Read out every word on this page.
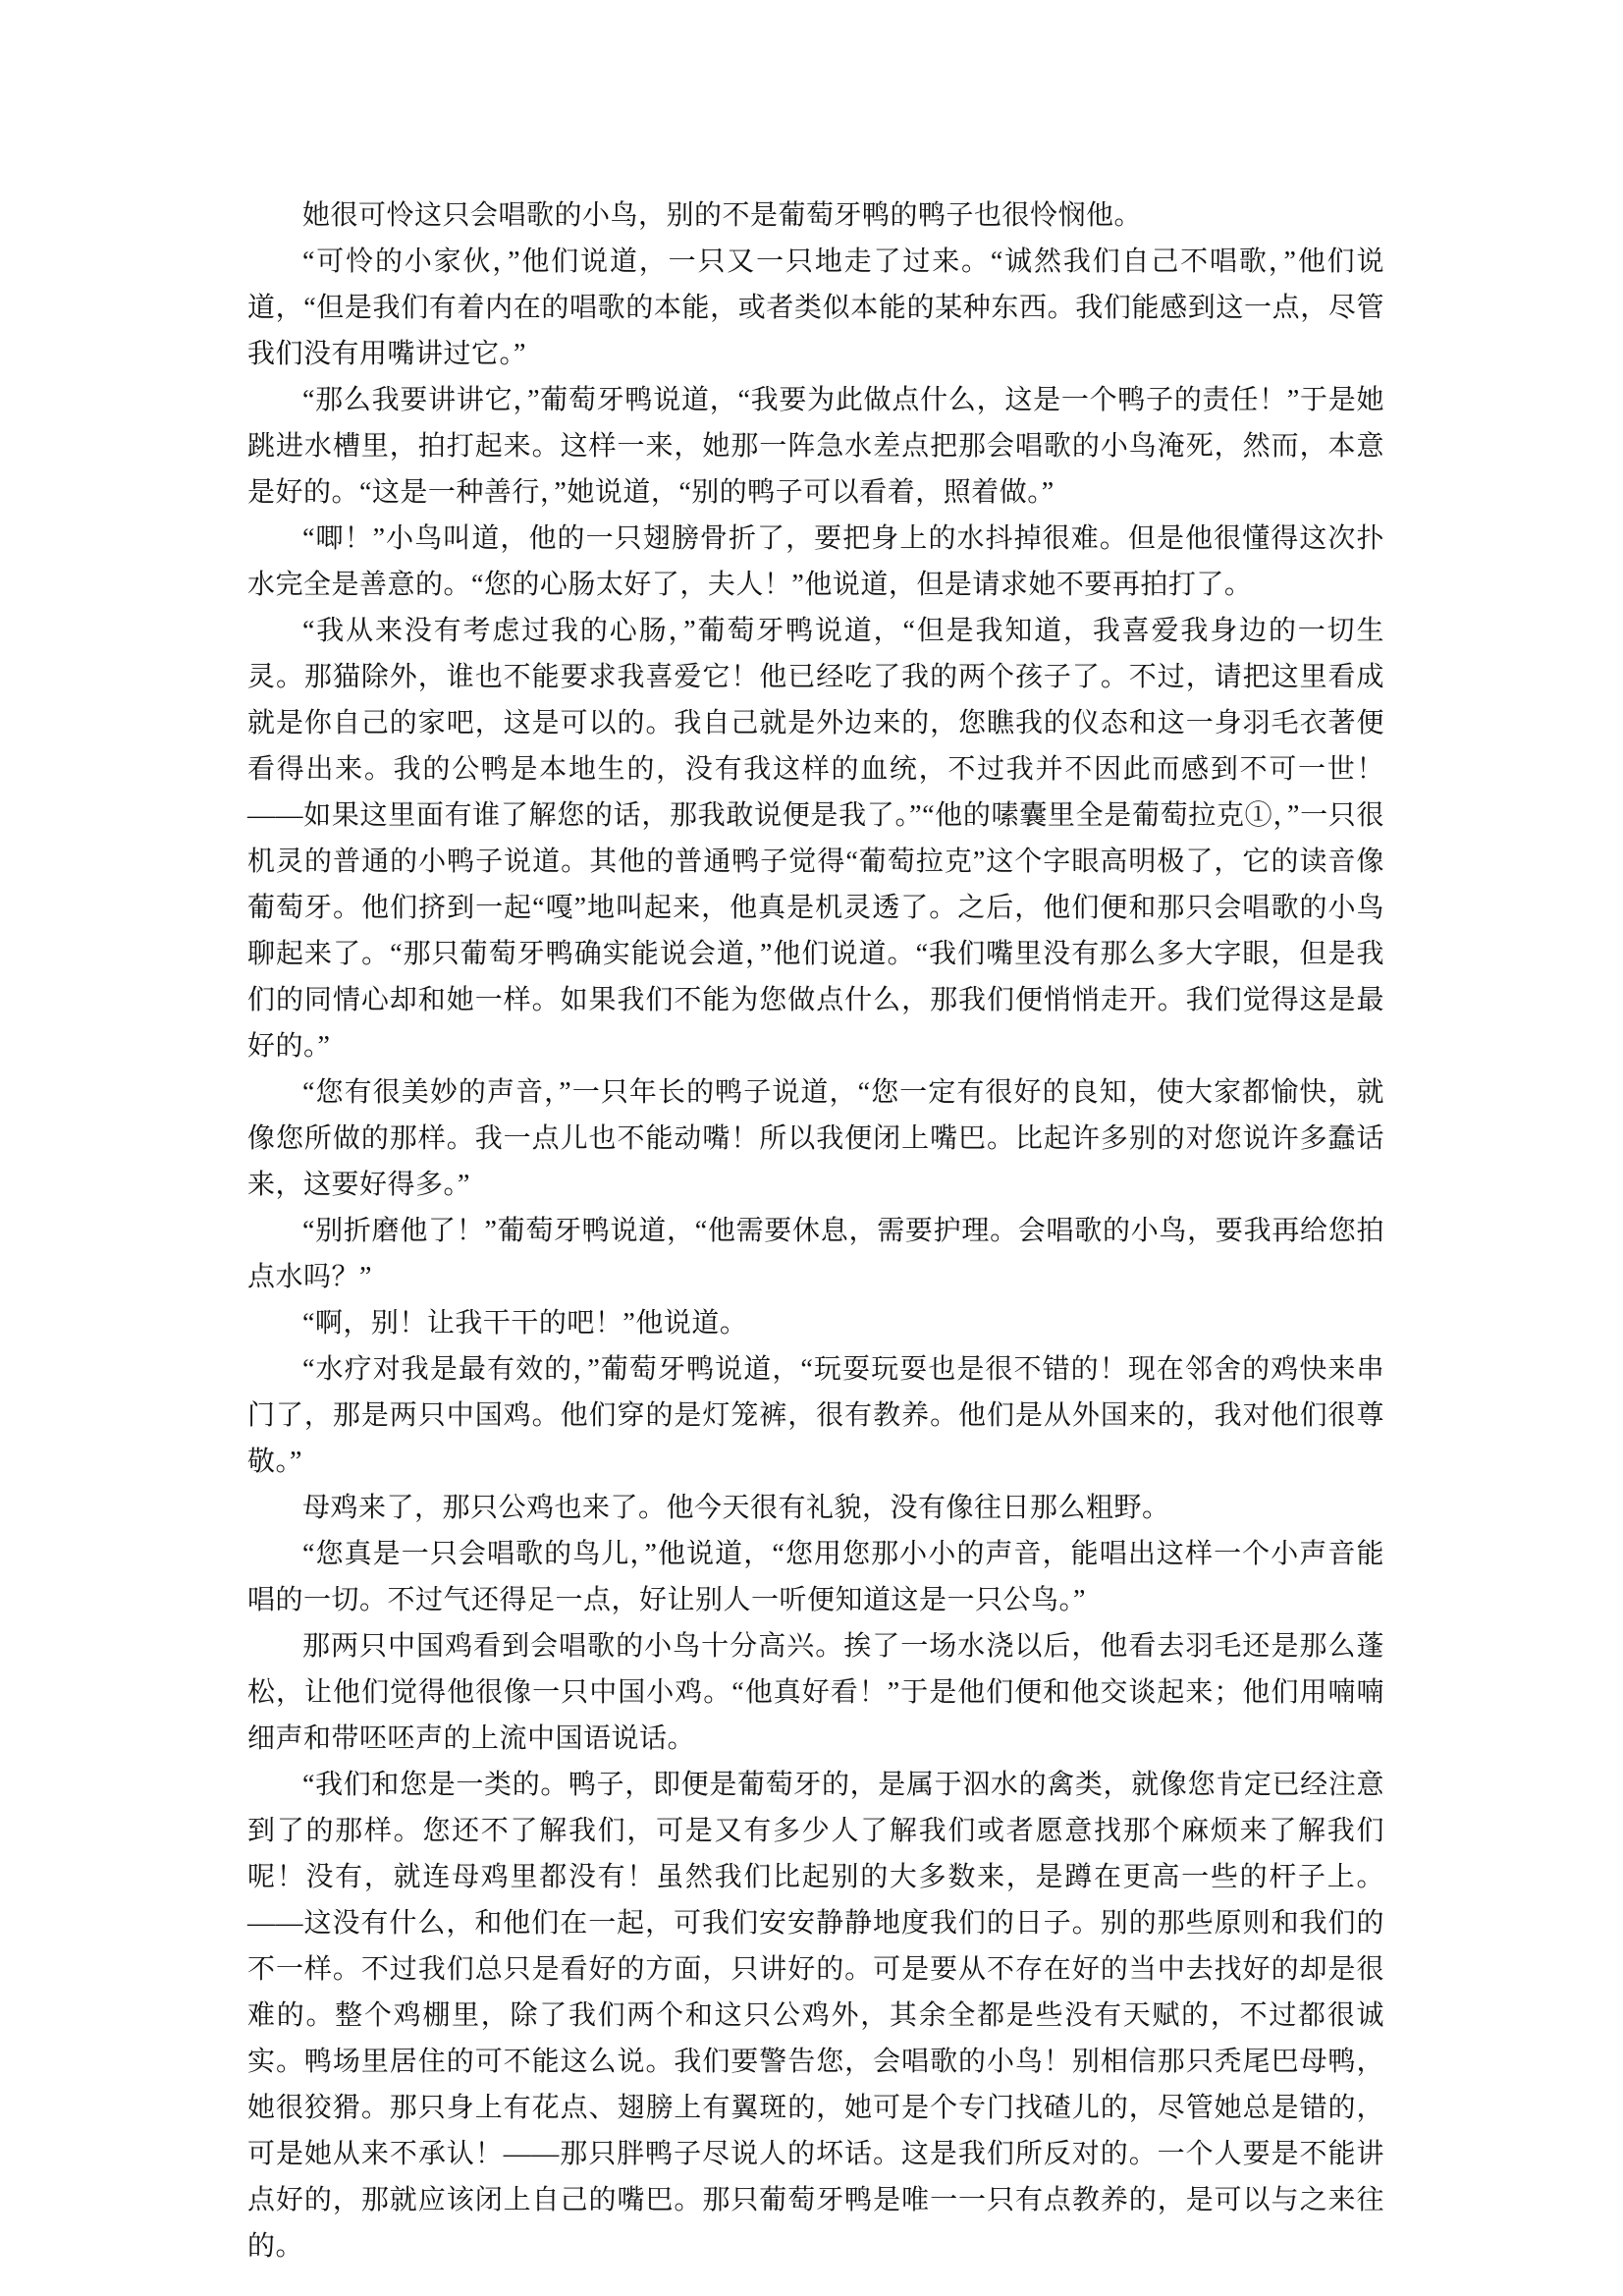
她很可怜这只会唱歌的小鸟，别的不是葡萄牙鸭的鸭子也很怜悯他。

“可怜的小家伙，”他们说道，一只又一只地走了过来。“诚然我们自己不唱歌，”他们说道，“但是我们有着内在的唱歌的本能，或者类似本能的某种东西。我们能感到这一点，尽管我们没有用嘴讲过它。”

“那么我要讲讲它，”葡萄牙鸭说道，“我要为此做点什么，这是一个鸭子的责任！”于是她跳进水槽里，拍打起来。这样一来，她那一阵急水差点把那会唱歌的小鸟淹死，然而，本意是好的。“这是一种善行，”她说道，“别的鸭子可以看着，照着做。”

“唧！”小鸟叫道，他的一只翅膀骨折了，要把身上的水抖掉很难。但是他很懂得这次扑水完全是善意的。“您的心肠太好了，夫人！”他说道，但是请求她不要再拍打了。

“我从来没有考虑过我的心肠，”葡萄牙鸭说道，“但是我知道，我喜爱我身边的一切生灵。那猫除外，谁也不能要求我喜爱它！他已经吃了我的两个孩子了。不过，请把这里看成就是你自己的家吧，这是可以的。我自己就是外边来的，您瞧我的仪态和这一身羽毛衣著便看得出来。我的公鸭是本地生的，没有我这样的血统，不过我并不因此而感到不可一世！——如果这里面有谁了解您的话，那我敢说便是我了。”“他的嗉囊里全是葡萄拉克①，”一只很机灵的普通的小鸭子说道。其他的普通鸭子觉得“葡萄拉克”这个字眼高明极了，它的读音像葡萄牙。他们挤到一起“嘎”地叫起来，他真是机灵透了。之后，他们便和那只会唱歌的小鸟聊起来了。“那只葡萄牙鸭确实能说会道，”他们说道。“我们嘴里没有那么多大字眼，但是我们的同情心却和她一样。如果我们不能为您做点什么，那我们便悄悄走开。我们觉得这是最好的。”

“您有很美妙的声音，”一只年长的鸭子说道，“您一定有很好的良知，使大家都愉快，就像您所做的那样。我一点儿也不能动嘴！所以我便闭上嘴巴。比起许多别的对您说许多蠢话来，这要好得多。”

“别折磨他了！”葡萄牙鸭说道，“他需要休息，需要护理。会唱歌的小鸟，要我再给您拍点水吗？”

“啊，别！让我干干的吧！”他说道。

“水疗对我是最有效的，”葡萄牙鸭说道，“玩耍玩耍也是很不错的！现在邻舍的鸡快来串门了，那是两只中国鸡。他们穿的是灯笼裤，很有教养。他们是从外国来的，我对他们很尊敬。”

母鸡来了，那只公鸡也来了。他今天很有礼貌，没有像往日那么粗野。

“您真是一只会唱歌的鸟儿，”他说道，“您用您那小小的声音，能唱出这样一个小声音能唱的一切。不过气还得足一点，好让别人一听便知道这是一只公鸟。”

那两只中国鸡看到会唱歌的小鸟十分高兴。挨了一场水浇以后，他看去羽毛还是那么蓬松，让他们觉得他很像一只中国小鸡。“他真好看！”于是他们便和他交谈起来；他们用喃喃细声和带呸呸声的上流中国语说话。

“我们和您是一类的。鸭子，即便是葡萄牙的，是属于泅水的禽类，就像您肯定已经注意到了的那样。您还不了解我们，可是又有多少人了解我们或者愿意找那个麻烦来了解我们呢！没有，就连母鸡里都没有！虽然我们比起别的大多数来，是蹲在更高一些的杆子上。——这没有什么，和他们在一起，可我们安安静静地度我们的日子。别的那些原则和我们的不一样。不过我们总只是看好的方面，只讲好的。可是要从不存在好的当中去找好的却是很难的。整个鸡棚里，除了我们两个和这只公鸡外，其余全都是些没有天赋的，不过都很诚实。鸭场里居住的可不能这么说。我们要警告您，会唱歌的小鸟！别相信那只秃尾巴母鸭，她很狡猾。那只身上有花点、翅膀上有翼斑的，她可是个专门找碴儿的，尽管她总是错的，可是她从来不承认！——那只胖鸭子尽说人的坏话。这是我们所反对的。一个人要是不能讲点好的，那就应该闭上自己的嘴巴。那只葡萄牙鸭是唯一一只有点教养的，是可以与之来往的。
